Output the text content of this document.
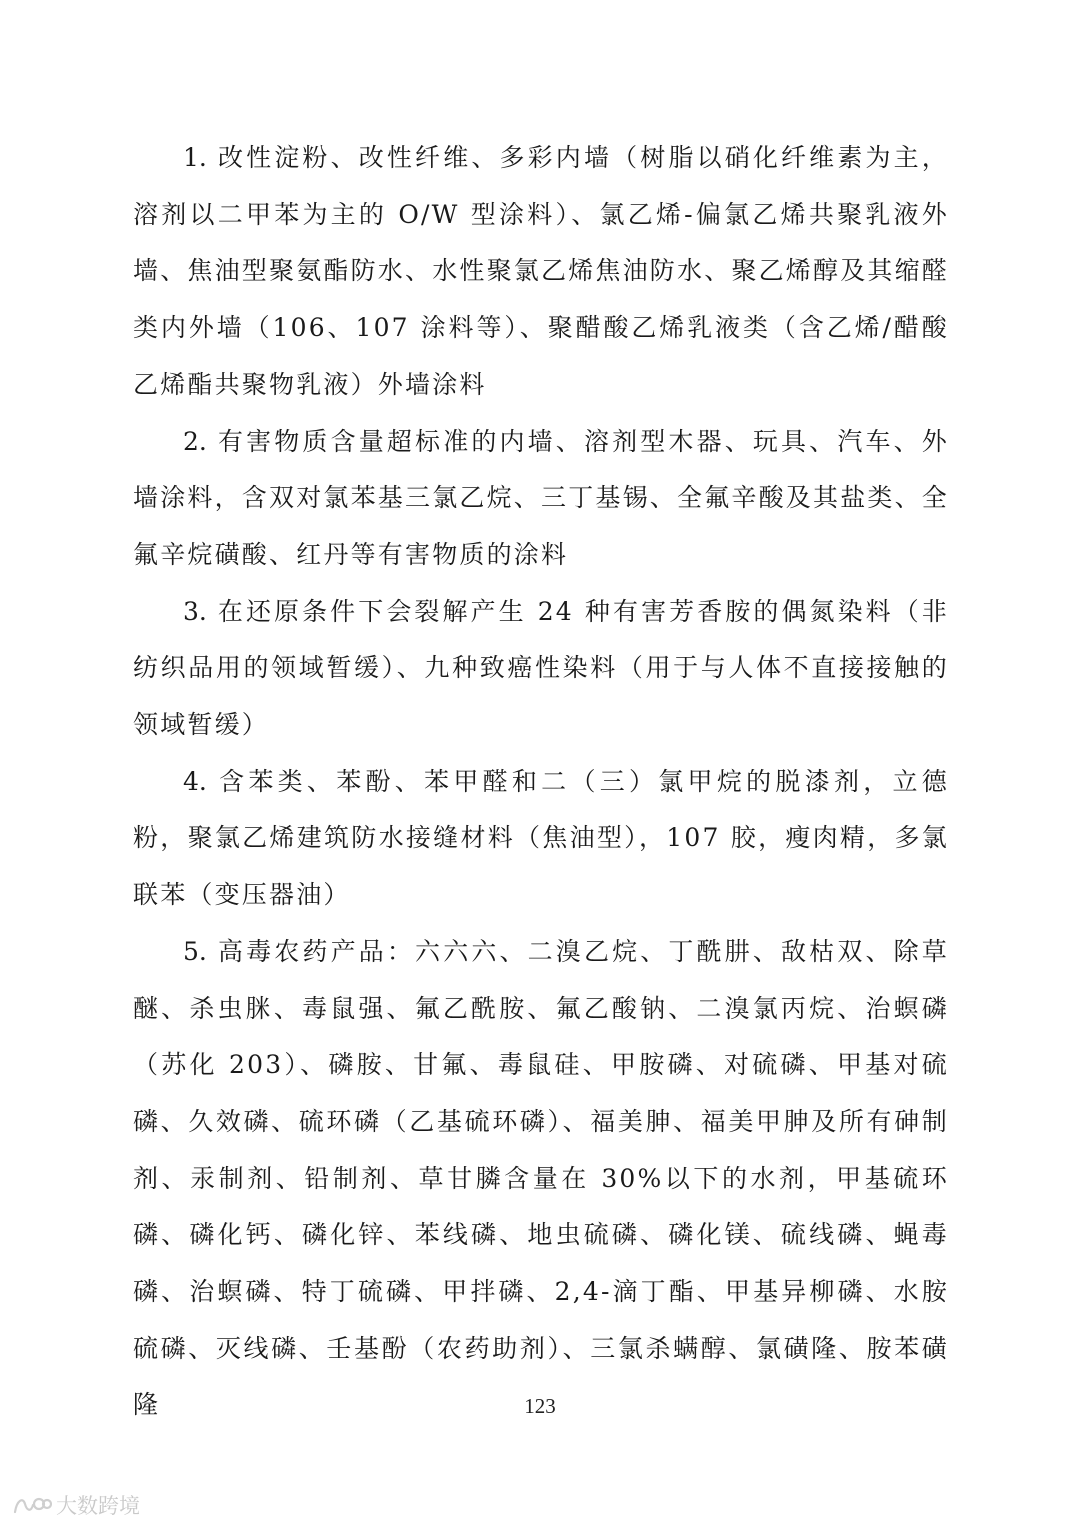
1. 改性淀粉、改性纤维、多彩内墙（树脂以硝化纤维素为主，溶剂以二甲苯为主的 O/W 型涂料）、氯乙烯-偏氯乙烯共聚乳液外墙、焦油型聚氨酯防水、水性聚氯乙烯焦油防水、聚乙烯醇及其缩醛类内外墙（106、107 涂料等）、聚醋酸乙烯乳液类（含乙烯/醋酸乙烯酯共聚物乳液）外墙涂料

2. 有害物质含量超标准的内墙、溶剂型木器、玩具、汽车、外墙涂料，含双对氯苯基三氯乙烷、三丁基锡、全氟辛酸及其盐类、全氟辛烷磺酸、红丹等有害物质的涂料

3. 在还原条件下会裂解产生 24 种有害芳香胺的偶氮染料（非纺织品用的领域暂缓）、九种致癌性染料（用于与人体不直接接触的领域暂缓）

4. 含苯类、苯酚、苯甲醛和二（三）氯甲烷的脱漆剂，立德粉，聚氯乙烯建筑防水接缝材料（焦油型），107 胶，瘦肉精，多氯联苯（变压器油）

5. 高毒农药产品：六六六、二溴乙烷、丁酰肼、敌枯双、除草醚、杀虫脒、毒鼠强、氟乙酰胺、氟乙酸钠、二溴氯丙烷、治螟磷（苏化 203）、磷胺、甘氟、毒鼠硅、甲胺磷、对硫磷、甲基对硫磷、久效磷、硫环磷（乙基硫环磷）、福美胂、福美甲胂及所有砷制剂、汞制剂、铅制剂、草甘膦含量在 30%以下的水剂，甲基硫环磷、磷化钙、磷化锌、苯线磷、地虫硫磷、磷化镁、硫线磷、蝇毒磷、治螟磷、特丁硫磷、甲拌磷、2,4-滴丁酯、甲基异柳磷、水胺硫磷、灭线磷、壬基酚（农药助剂）、三氯杀螨醇、氯磺隆、胺苯磺隆	123
大数跨境
